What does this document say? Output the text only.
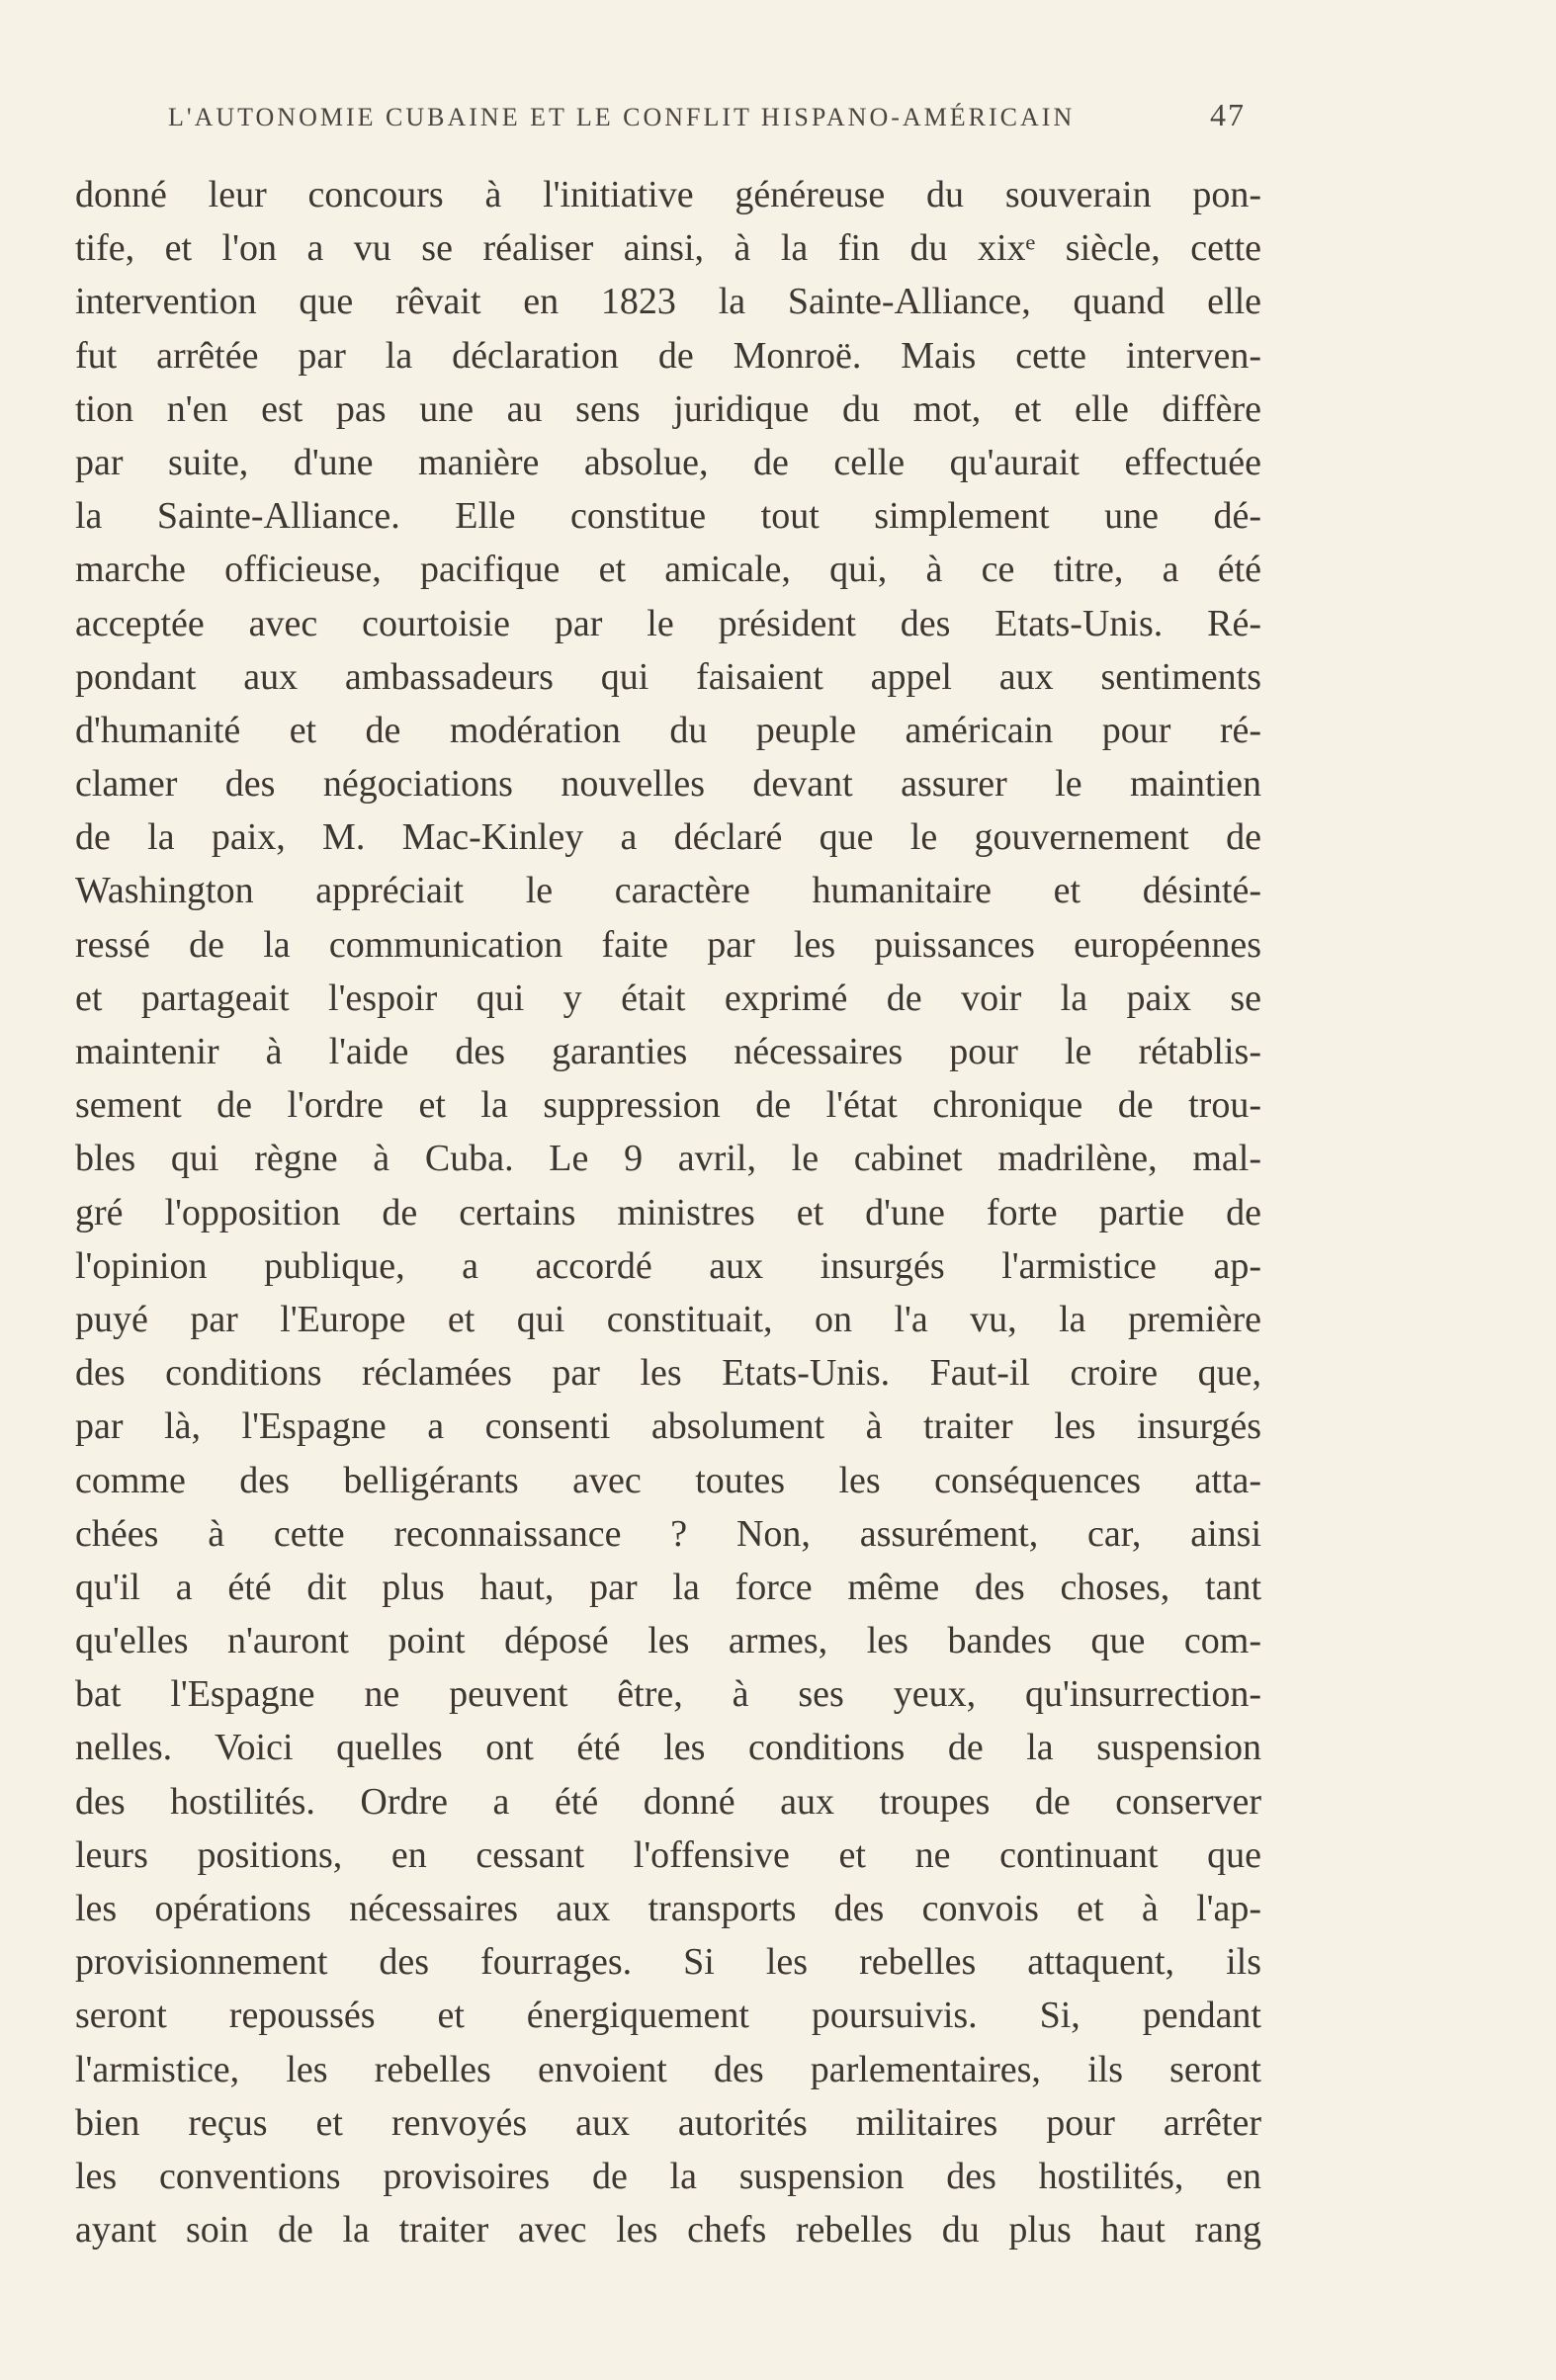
L'AUTONOMIE CUBAINE ET LE CONFLIT HISPANO-AMÉRICAIN	47
donné leur concours à l'initiative généreuse du souverain pon-
tife, et l'on a vu se réaliser ainsi, à la fin du xixᵉ siècle, cette
intervention que rêvait en 1823 la Sainte-Alliance, quand elle
fut arrêtée par la déclaration de Monroë. Mais cette interven-
tion n'en est pas une au sens juridique du mot, et elle diffère
par suite, d'une manière absolue, de celle qu'aurait effectuée
la Sainte-Alliance. Elle constitue tout simplement une dé-
marche officieuse, pacifique et amicale, qui, à ce titre, a été
acceptée avec courtoisie par le président des Etats-Unis. Ré-
pondant aux ambassadeurs qui faisaient appel aux sentiments
d'humanité et de modération du peuple américain pour ré-
clamer des négociations nouvelles devant assurer le maintien
de la paix, M. Mac-Kinley a déclaré que le gouvernement de
Washington appréciait le caractère humanitaire et désinté-
ressé de la communication faite par les puissances européennes
et partageait l'espoir qui y était exprimé de voir la paix se
maintenir à l'aide des garanties nécessaires pour le rétablis-
sement de l'ordre et la suppression de l'état chronique de trou-
bles qui règne à Cuba. Le 9 avril, le cabinet madrilène, mal-
gré l'opposition de certains ministres et d'une forte partie de
l'opinion publique, a accordé aux insurgés l'armistice ap-
puyé par l'Europe et qui constituait, on l'a vu, la première
des conditions réclamées par les Etats-Unis. Faut-il croire que,
par là, l'Espagne a consenti absolument à traiter les insurgés
comme des belligérants avec toutes les conséquences atta-
chées à cette reconnaissance ? Non, assurément, car, ainsi
qu'il a été dit plus haut, par la force même des choses, tant
qu'elles n'auront point déposé les armes, les bandes que com-
bat l'Espagne ne peuvent être, à ses yeux, qu'insurrection-
nelles. Voici quelles ont été les conditions de la suspension
des hostilités. Ordre a été donné aux troupes de conserver
leurs positions, en cessant l'offensive et ne continuant que
les opérations nécessaires aux transports des convois et à l'ap-
provisionnement des fourrages. Si les rebelles attaquent, ils
seront repoussés et énergiquement poursuivis. Si, pendant
l'armistice, les rebelles envoient des parlementaires, ils seront
bien reçus et renvoyés aux autorités militaires pour arrêter
les conventions provisoires de la suspension des hostilités, en
ayant soin de la traiter avec les chefs rebelles du plus haut rang
